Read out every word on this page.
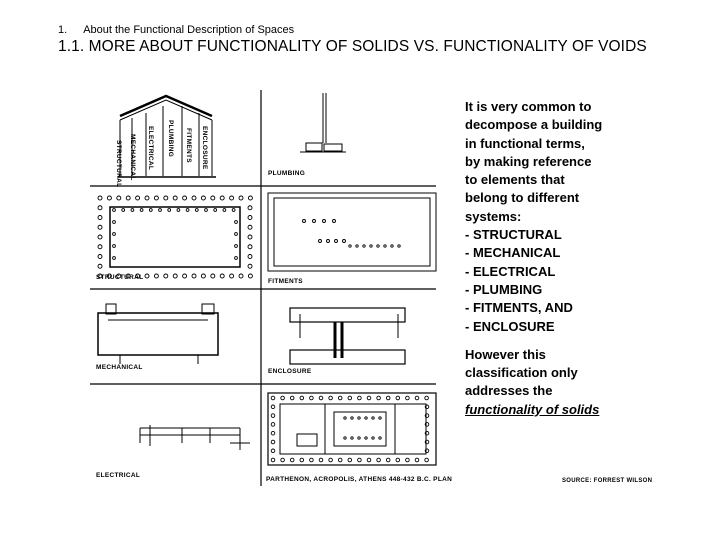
1. About the Functional Description of Spaces
1.1. MORE ABOUT FUNCTIONALITY OF SOLIDS VS. FUNCTIONALITY OF VOIDS
STRUCTURAL MECHANICAL ELECTRICAL PLUMBING FITMENTS ENCLOSURE
PLUMBING
STRUCTURAL
FITMENTS
MECHANICAL
ENCLOSURE
ELECTRICAL
PARTHENON, ACROPOLIS, ATHENS 448-432 B.C. PLAN
It is very common to
decompose a building
in functional terms,
by making reference
to elements that
belong to different
systems:
- STRUCTURAL
- MECHANICAL
- ELECTRICAL
- PLUMBING
- FITMENTS, AND
- ENCLOSURE
However this
classification only
addresses the
functionality of solids
SOURCE: FORREST WILSON
